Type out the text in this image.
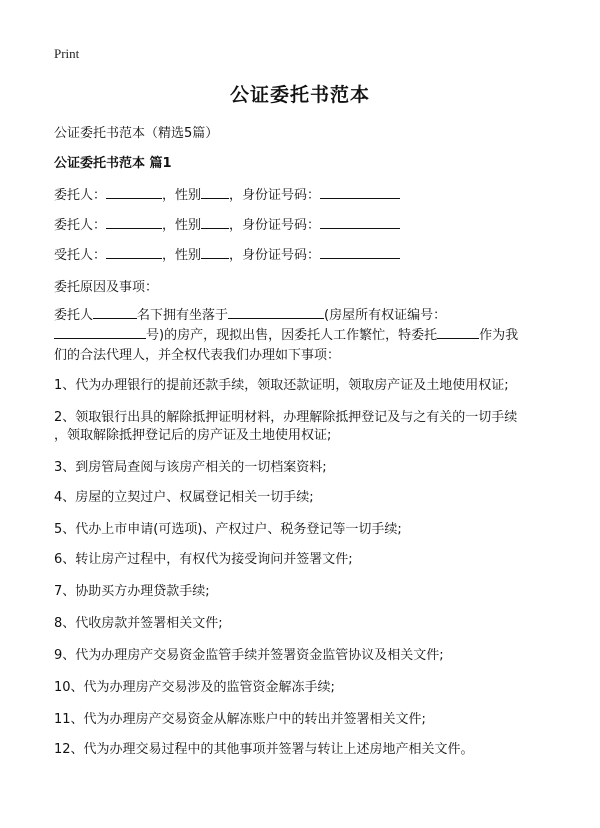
Print
公证委托书范本
公证委托书范本（精选5篇）
公证委托书范本 篇1
委托人：	，性别 ，身份证号码：
委托人：	，性别 ，身份证号码：
受托人：	，性别 ，身份证号码：
委托原因及事项：
委托人	名下拥有坐落于	(房屋所有权证编号：
号)的房产，现拟出售，因委托人工作繁忙，特委托	作为我
们的合法代理人，并全权代表我们办理如下事项：
1、代为办理银行的提前还款手续，领取还款证明，领取房产证及土地使用权证;
2、领取银行出具的解除抵押证明材料，办理解除抵押登记及与之有关的一切手续
，领取解除抵押登记后的房产证及土地使用权证;
3、到房管局查阅与该房产相关的一切档案资料;
4、房屋的立契过户、权属登记相关一切手续;
5、代办上市申请(可选项)、产权过户、税务登记等一切手续;
6、转让房产过程中，有权代为接受询问并签署文件;
7、协助买方办理贷款手续;
8、代收房款并签署相关文件;
9、代为办理房产交易资金监管手续并签署资金监管协议及相关文件;
10、代为办理房产交易涉及的监管资金解冻手续;
11、代为办理房产交易资金从解冻账户中的转出并签署相关文件;
12、代为办理交易过程中的其他事项并签署与转让上述房地产相关文件。
